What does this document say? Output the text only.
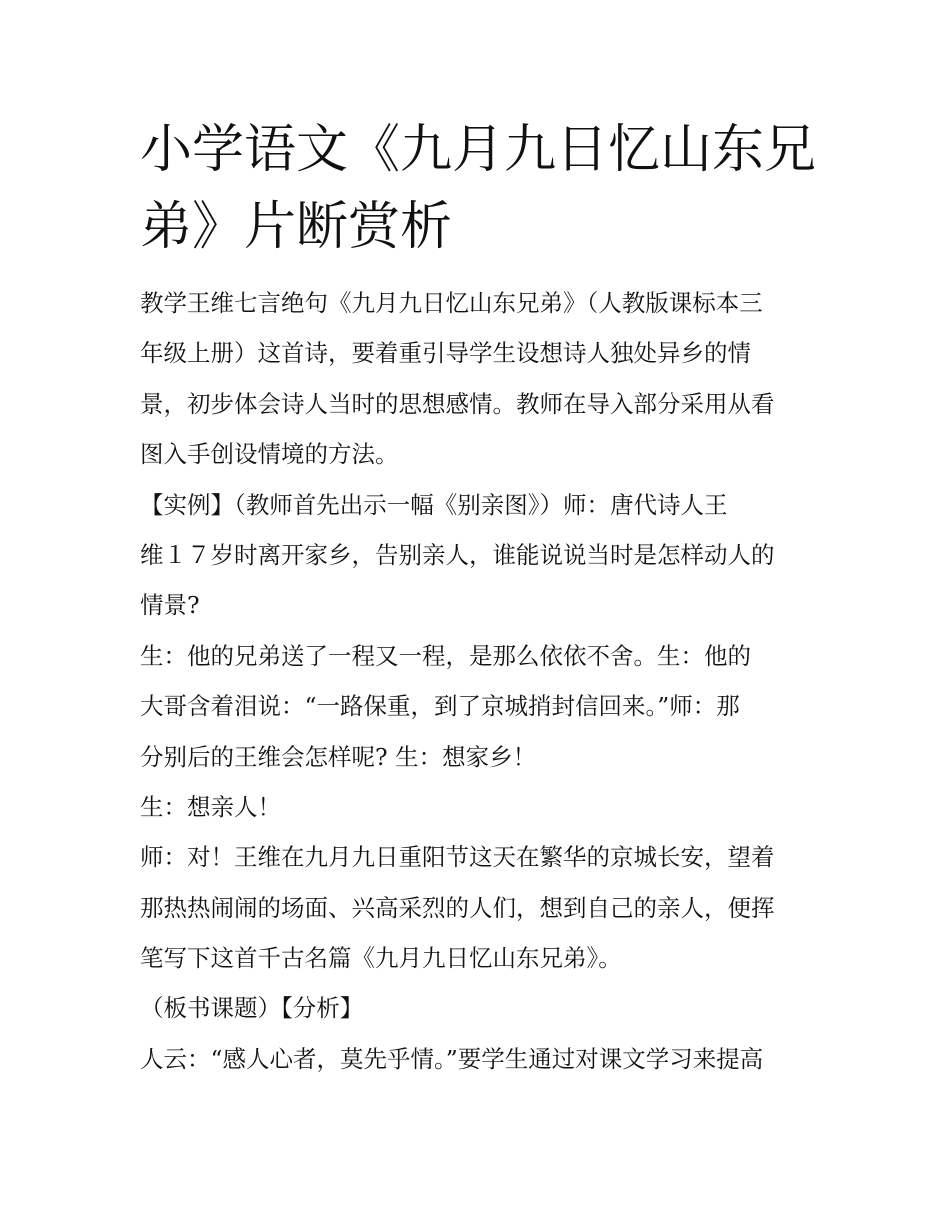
小学语文《九月九日忆山东兄
弟》片断赏析
教学王维七言绝句《九月九日忆山东兄弟》（人教版课标本三
年级上册）这首诗，要着重引导学生设想诗人独处异乡的情
景，初步体会诗人当时的思想感情。教师在导入部分采用从看
图入手创设情境的方法。
【实例】（教师首先出示一幅《别亲图》）师：唐代诗人王
维１７岁时离开家乡，告别亲人，谁能说说当时是怎样动人的
情景?
生：他的兄弟送了一程又一程，是那么依依不舍。生：他的
大哥含着泪说：“一路保重，到了京城捎封信回来。”师：那
分别后的王维会怎样呢? 生：想家乡！
生：想亲人！
师：对！王维在九月九日重阳节这天在繁华的京城长安，望着
那热热闹闹的场面、兴高采烈的人们，想到自己的亲人，便挥
笔写下这首千古名篇《九月九日忆山东兄弟》。
（板书课题）【分析】
人云：“感人心者，莫先乎情。”要学生通过对课文学习来提高
